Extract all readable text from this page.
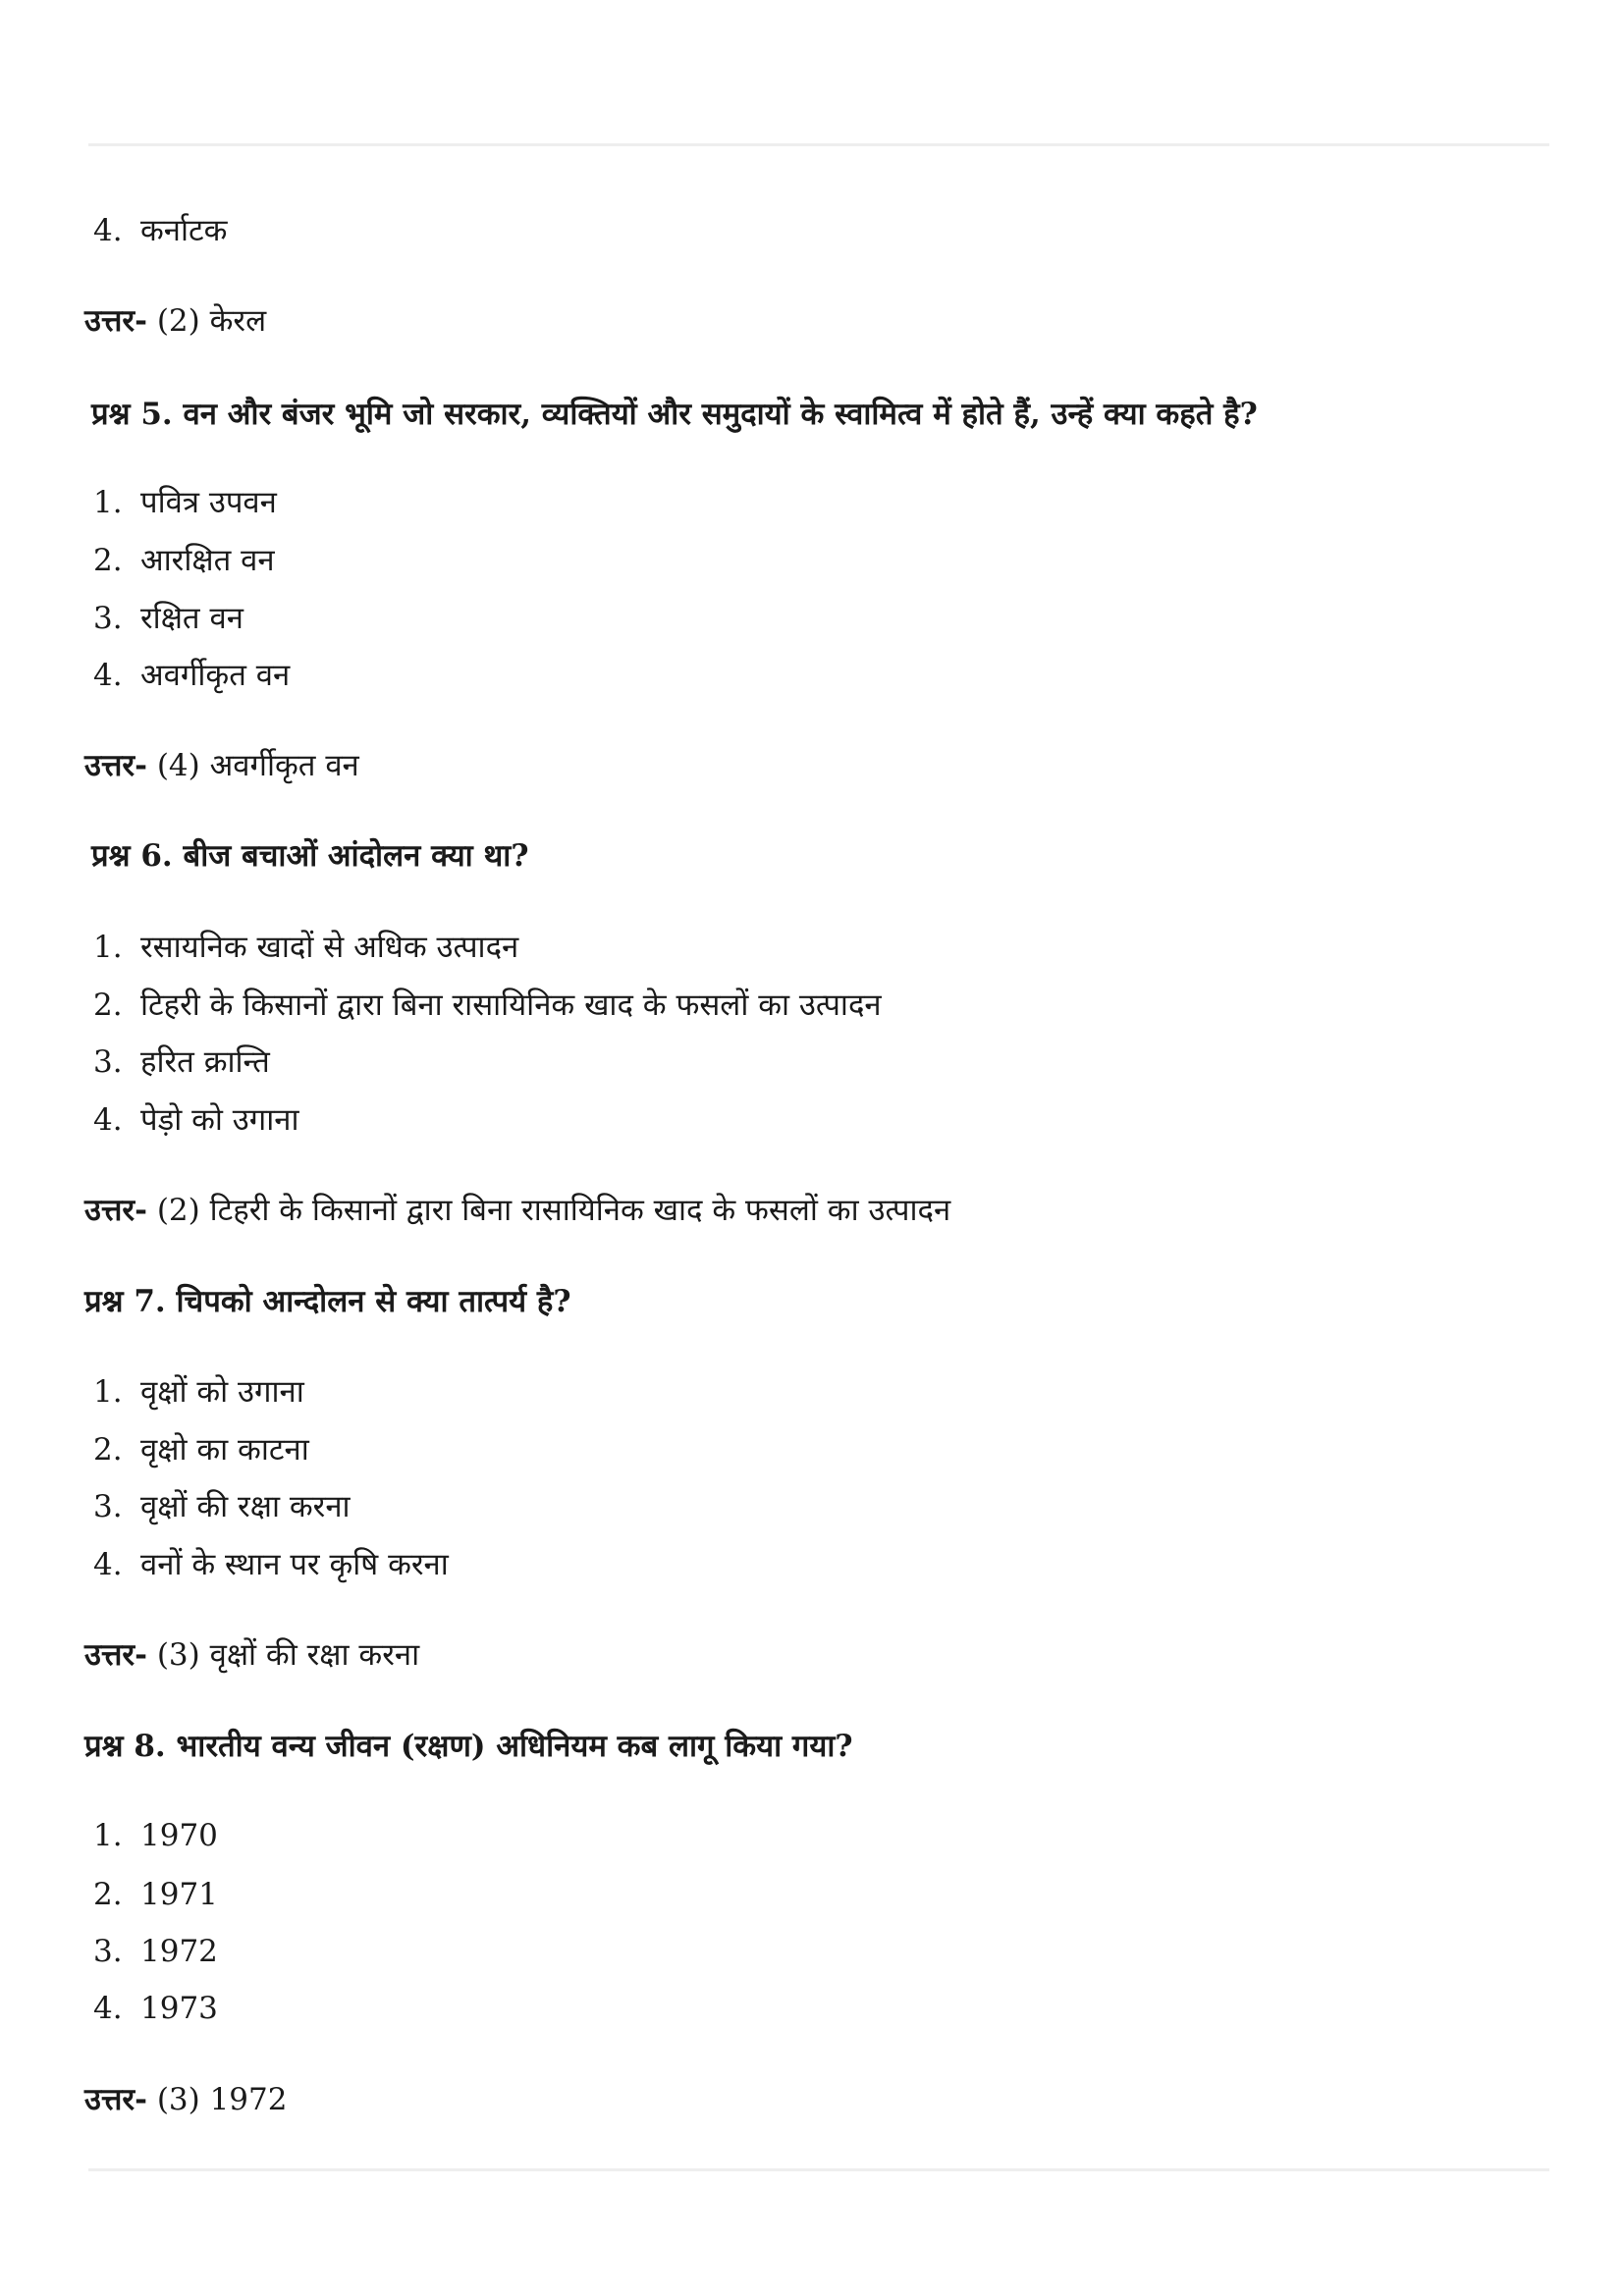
4. कर्नाटक
उत्तर- (2) केरल
प्रश्न 5. वन और बंजर भूमि जो सरकार, व्यक्तियों और समुदायों के स्वामित्व में होते हैं, उन्हें क्या कहते है?
1. पवित्र उपवन
2. आरक्षित वन
3. रक्षित वन
4. अवर्गीकृत वन
उत्तर- (4) अवर्गीकृत वन
प्रश्न 6. बीज बचाओं आंदोलन क्या था?
1. रसायनिक खादों से अधिक उत्पादन
2. टिहरी के किसानों द्वारा बिना रासायिनिक खाद के फसलों का उत्पादन
3. हरित क्रान्ति
4. पेड़ो को उगाना
उत्तर- (2) टिहरी के किसानों द्वारा बिना रासायिनिक खाद के फसलों का उत्पादन
प्रश्न 7. चिपको आन्दोलन से क्या तात्पर्य है?
1. वृक्षों को उगाना
2. वृक्षो का काटना
3. वृक्षों की रक्षा करना
4. वनों के स्थान पर कृषि करना
उत्तर- (3) वृक्षों की रक्षा करना
प्रश्न 8. भारतीय वन्य जीवन (रक्षण) अधिनियम कब लागू किया गया?
1. 1970
2. 1971
3. 1972
4. 1973
उत्तर- (3) 1972
